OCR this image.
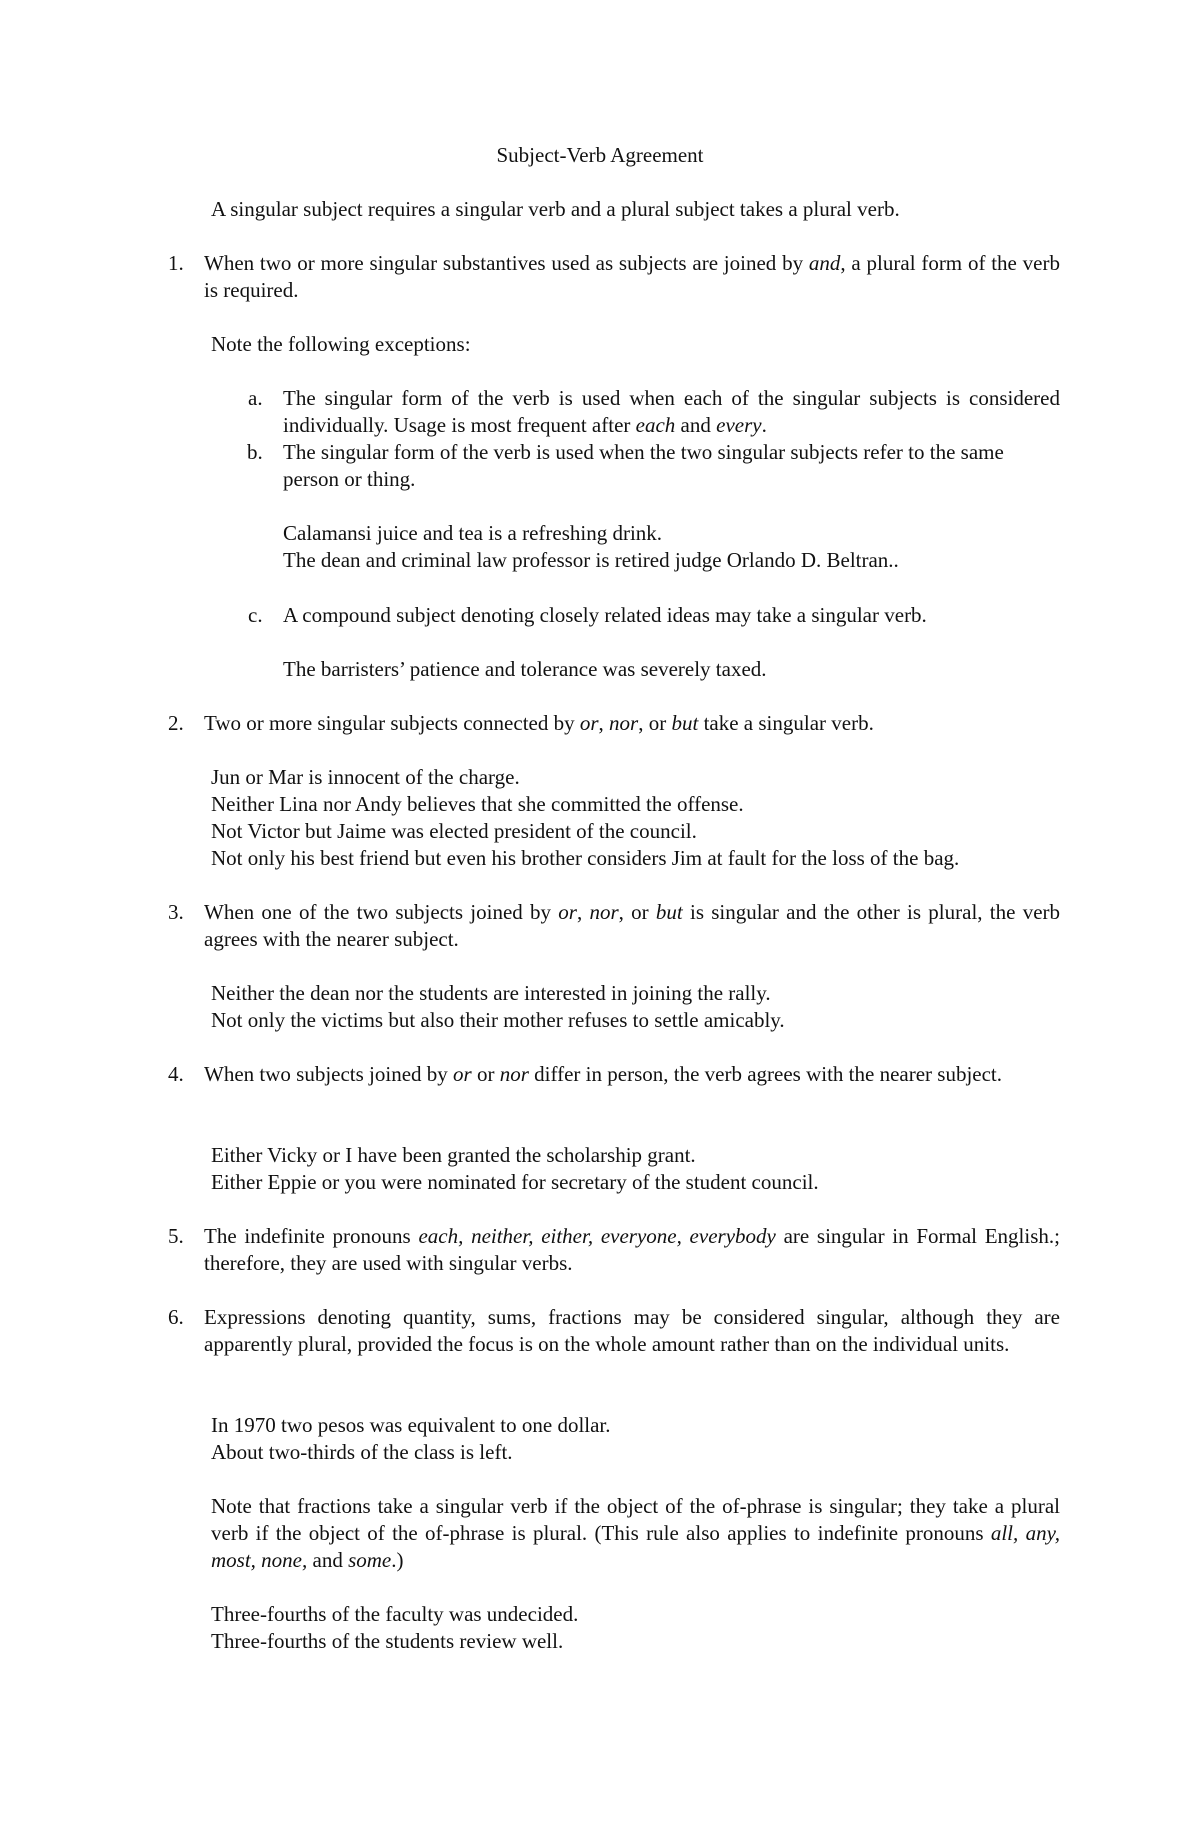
Subject-Verb Agreement
A singular subject requires a singular verb and a plural subject takes a plural verb.
1. When two or more singular substantives used as subjects are joined by and, a plural form of the verb is required.

Note the following exceptions:
a. The singular form of the verb is used when each of the singular subjects is considered individually. Usage is most frequent after each and every.

b. The singular form of the verb is used when the two singular subjects refer to the same person or thing.

Calamansi juice and tea is a refreshing drink.
The dean and criminal law professor is retired judge Orlando D. Beltran..
c. A compound subject denoting closely related ideas may take a singular verb.
The barristers’ patience and tolerance was severely taxed.
2. Two or more singular subjects connected by or, nor, or but take a singular verb.
Jun or Mar is innocent of the charge.
Neither Lina nor Andy believes that she committed the offense.
Not Victor but Jaime was elected president of the council.
Not only his best friend but even his brother considers Jim at fault for the loss of the bag.
3. When one of the two subjects joined by or, nor, or but is singular and the other is plural, the verb agrees with the nearer subject.

Neither the dean nor the students are interested in joining the rally.
Not only the victims but also their mother refuses to settle amicably.
4. When two subjects joined by or or nor differ in person, the verb agrees with the nearer subject.

Either Vicky or I have been granted the scholarship grant.
Either Eppie or you were nominated for secretary of the student council.
5. The indefinite pronouns each, neither, either, everyone, everybody are singular in Formal English.; therefore, they are used with singular verbs.

6. Expressions denoting quantity, sums, fractions may be considered singular, although they are apparently plural, provided the focus is on the whole amount rather than on the individual units.

In 1970 two pesos was equivalent to one dollar.
About two-thirds of the class is left.

Note that fractions take a singular verb if the object of the of-phrase is singular; they take a plural verb if the object of the of-phrase is plural. (This rule also applies to indefinite pronouns all, any, most, none, and some.)

Three-fourths of the faculty was undecided.
Three-fourths of the students review well.
